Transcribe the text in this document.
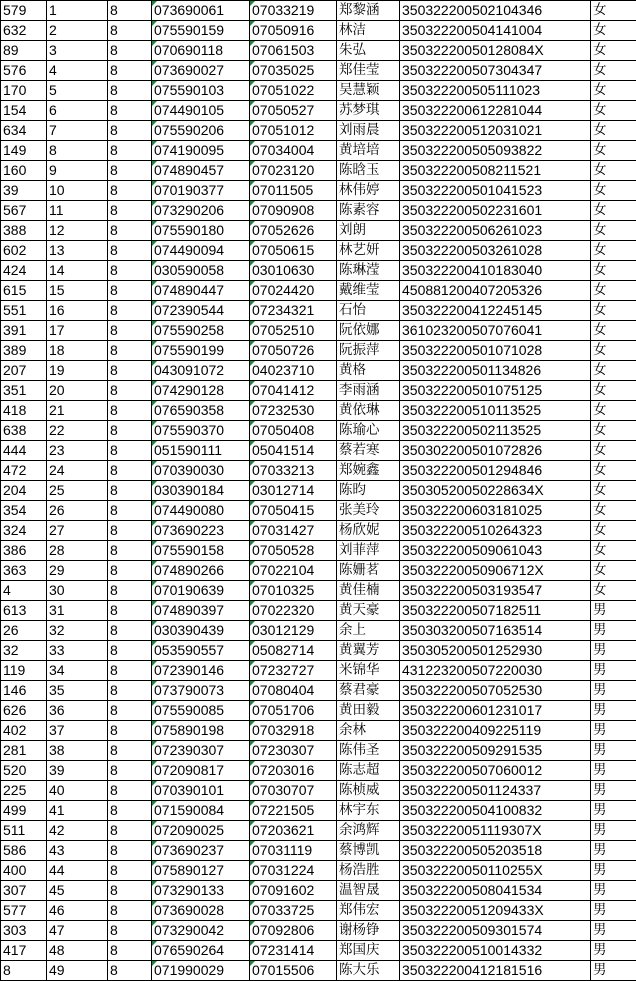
579	1	8	073690061	07033219	郑黎涵	350322200502104346	女
632	2	8	075590159	07050916	林洁	350322200504141004	女
89	3	8	070690118	07061503	朱弘	35032220050128084X	女
576	4	8	073690027	07035025	郑佳莹	350322200507304347	女
170	5	8	075590103	07051022	吴慧颖	350322200505111023	女
154	6	8	074490105	07050527	苏梦琪	350322200612281044	女
634	7	8	075590206	07051012	刘雨晨	350322200512031021	女
149	8	8	074190095	07034004	黄培培	350322200505093822	女
160	9	8	074890457	07023120	陈晗玉	350322200508211521	女
39	10	8	070190377	07011505	林伟婷	350322200501041523	女
567	11	8	073290206	07090908	陈素容	350322200502231601	女
388	12	8	075590180	07052626	刘朗	350322200506261023	女
602	13	8	074490094	07050615	林艺妍	350322200503261028	女
424	14	8	030590058	03010630	陈琳滢	350322200410183040	女
615	15	8	074890447	07024420	戴维莹	450881200407205326	女
551	16	8	072390544	07234321	石怡	350322200412245145	女
391	17	8	075590258	07052510	阮依娜	361023200507076041	女
389	18	8	075590199	07050726	阮振萍	350322200501071028	女
207	19	8	043091072	04023710	黄格	350322200501134826	女
351	20	8	074290128	07041412	李雨涵	350322200501075125	女
418	21	8	076590358	07232530	黄依琳	350322200510113525	女
638	22	8	075590370	07050408	陈瑜心	350322200502113525	女
444	23	8	051590111	05041514	蔡若寒	350302200501072826	女
472	24	8	070390030	07033213	郑婉鑫	350322200501294846	女
204	25	8	030390184	03012714	陈昀	35030520050228634X	女
354	26	8	074490080	07050415	张美玲	350322200603181025	女
324	27	8	073690223	07031427	杨欣妮	350322200510264323	女
386	28	8	075590158	07050528	刘菲萍	350322200509061043	女
363	29	8	074890266	07022104	陈姗茗	35032220050906712X	女
4	30	8	070190639	07010325	黄佳楠	350322200503193547	女
613	31	8	074890397	07022320	黄天豪	350322200507182511	男
26	32	8	030390439	03012129	余上	350303200507163514	男
32	33	8	053590557	05082714	黄翼芳	350305200501252930	男
119	34	8	072390146	07232727	米锦华	431223200507220030	男
146	35	8	073790073	07080404	蔡君豪	350322200507052530	男
626	36	8	075590085	07051706	黄田毅	350322200601231017	男
402	37	8	075890198	07032918	余林	350322200409225119	男
281	38	8	072390307	07230307	陈伟圣	350322200509291535	男
520	39	8	072090817	07203016	陈志超	350322200507060012	男
225	40	8	070390101	07030707	陈桢威	350322200501124337	男
499	41	8	071590084	07221505	林宇东	350322200504100832	男
511	42	8	072090025	07203621	余鸿辉	35032220051119307X	男
586	43	8	073690237	07031119	蔡博凯	350322200505203518	男
400	44	8	075890127	07031224	杨浩胜	35032220050110255X	男
307	45	8	073290133	07091602	温智晟	350322200508041534	男
577	46	8	073690028	07033725	郑伟宏	35032220051209433X	男
303	47	8	073290042	07092806	谢杨铮	350322200509301574	男
417	48	8	076590264	07231414	郑国庆	350322200510014332	男
8	49	8	071990029	07015506	陈大乐	350322200412181516	男
